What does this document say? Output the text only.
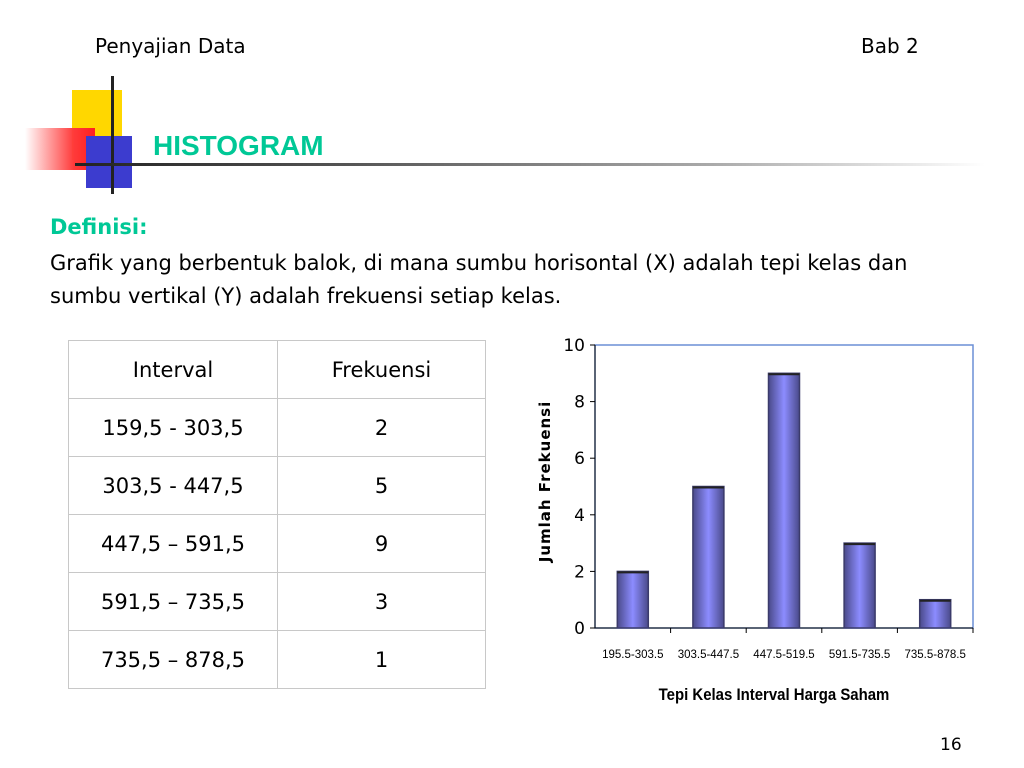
Penyajian Data	Bab 2
HISTOGRAM
Definisi:
Grafik yang berbentuk balok, di mana sumbu horisontal (X) adalah tepi kelas dan sumbu vertikal (Y) adalah frekuensi setiap kelas.
Interval	Frekuensi
159,5 - 303,5	2
303,5 - 447,5	5
447,5 – 591,5	9
591,5 – 735,5	3
735,5 – 878,5	1	195.5-303.5 303.5-447.5 447.5-519.5 591.5-735.5 735.5-878.5
0
2
4
6
8
10
Jumlah Frekuensi
Tepi Kelas Interval Harga Saham
16
